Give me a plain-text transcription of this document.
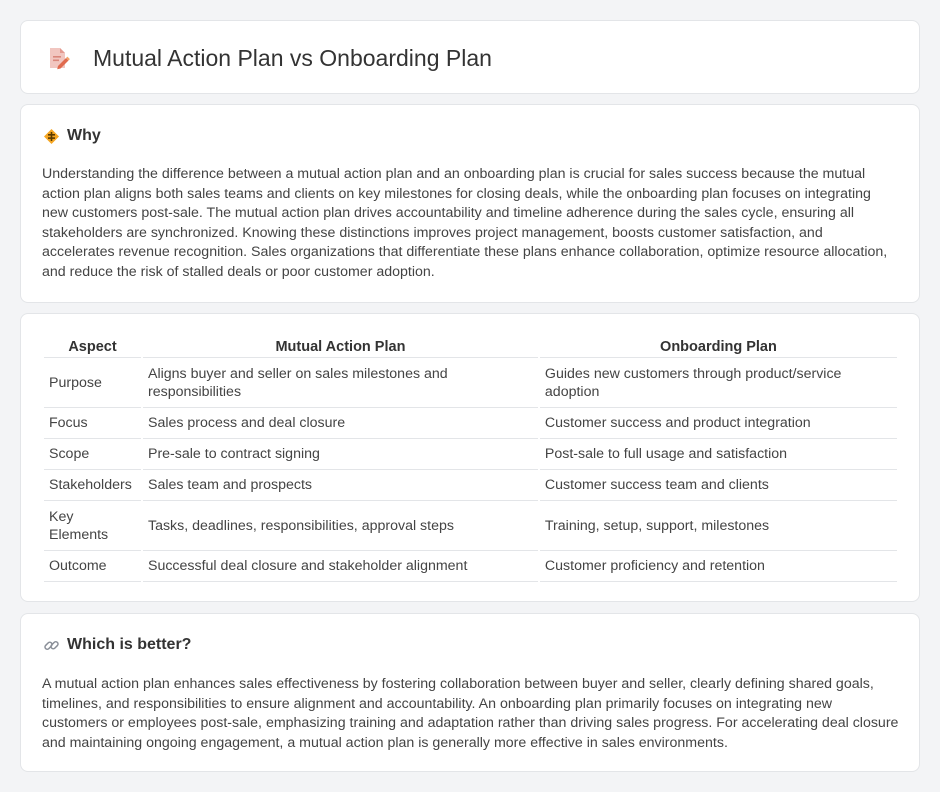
Mutual Action Plan vs Onboarding Plan
Why

Understanding the difference between a mutual action plan and an onboarding plan is crucial for sales success because the mutual action plan aligns both sales teams and clients on key milestones for closing deals, while the onboarding plan focuses on integrating new customers post-sale. The mutual action plan drives accountability and timeline adherence during the sales cycle, ensuring all stakeholders are synchronized. Knowing these distinctions improves project management, boosts customer satisfaction, and accelerates revenue recognition. Sales organizations that differentiate these plans enhance collaboration, optimize resource allocation, and reduce the risk of stalled deals or poor customer adoption.

Aspect	Mutual Action Plan	Onboarding Plan
Purpose	Aligns buyer and seller on sales milestones and responsibilities	Guides new customers through product/service adoption
Focus	Sales process and deal closure	Customer success and product integration
Scope	Pre-sale to contract signing	Post-sale to full usage and satisfaction
Stakeholders	Sales team and prospects	Customer success team and clients
Key Elements	Tasks, deadlines, responsibilities, approval steps	Training, setup, support, milestones
Outcome	Successful deal closure and stakeholder alignment	Customer proficiency and retention
Which is better?

A mutual action plan enhances sales effectiveness by fostering collaboration between buyer and seller, clearly defining shared goals, timelines, and responsibilities to ensure alignment and accountability. An onboarding plan primarily focuses on integrating new customers or employees post-sale, emphasizing training and adaptation rather than driving sales progress. For accelerating deal closure and maintaining ongoing engagement, a mutual action plan is generally more effective in sales environments.
